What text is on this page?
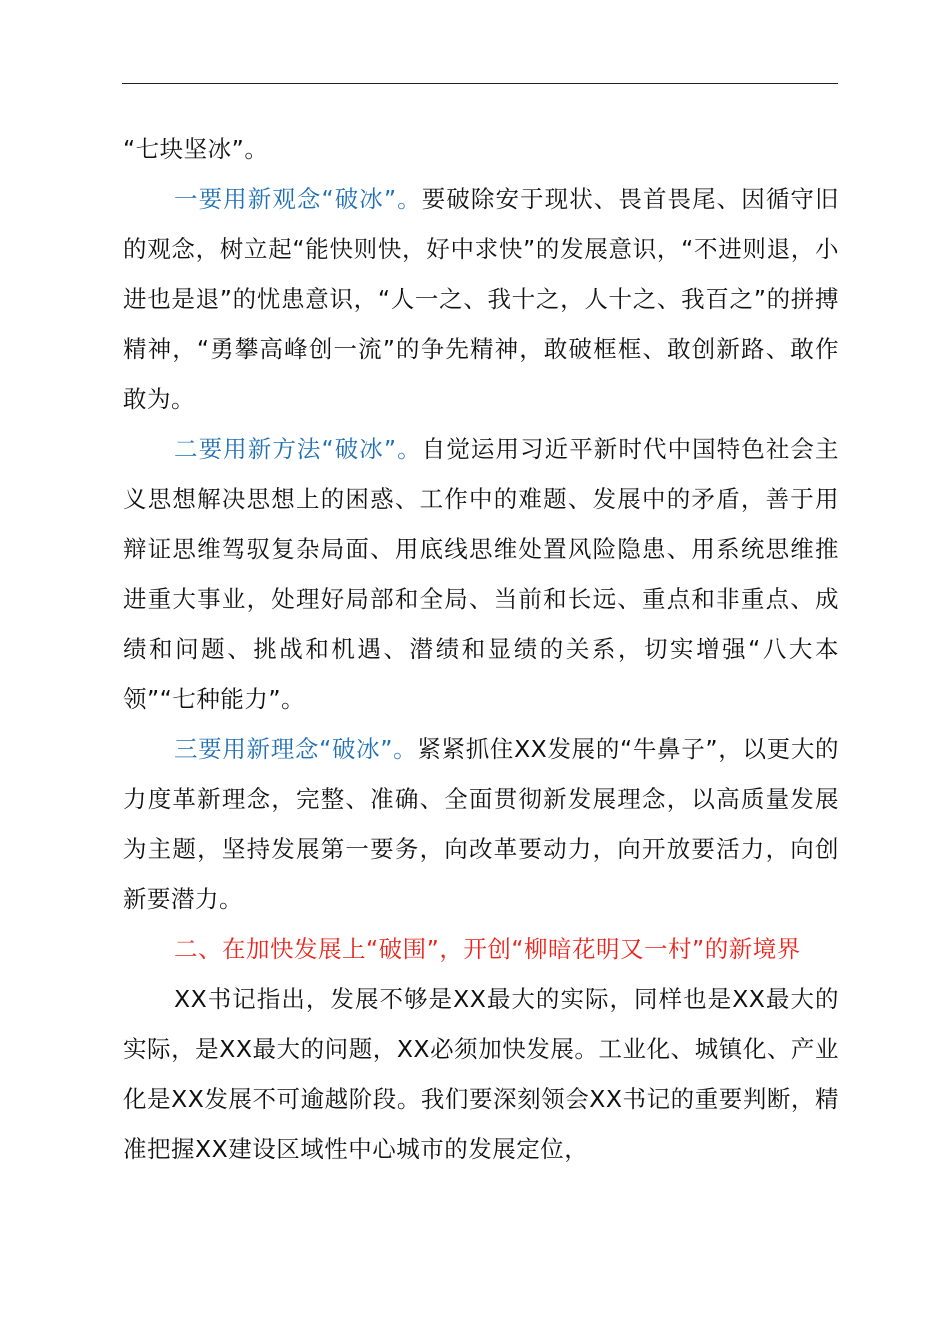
“七块坚冰”。

一要用新观念“破冰”。要破除安于现状、畏首畏尾、因循守旧的观念，树立起“能快则快，好中求快”的发展意识，“不进则退，小进也是退”的忧患意识，“人一之、我十之，人十之、我百之”的拼搏精神，“勇攀高峰创一流”的争先精神，敢破框框、敢创新路、敢作敢为。

二要用新方法“破冰”。自觉运用习近平新时代中国特色社会主义思想解决思想上的困惑、工作中的难题、发展中的矛盾，善于用辩证思维驾驭复杂局面、用底线思维处置风险隐患、用系统思维推进重大事业，处理好局部和全局、当前和长远、重点和非重点、成绩和问题、挑战和机遇、潜绩和显绩的关系，切实增强“八大本领”“七种能力”。

三要用新理念“破冰”。紧紧抓住XX发展的“牛鼻子”，以更大的力度革新理念，完整、准确、全面贯彻新发展理念，以高质量发展为主题，坚持发展第一要务，向改革要动力，向开放要活力，向创新要潜力。

二、在加快发展上“破围”，开创“柳暗花明又一村”的新境界

XX书记指出，发展不够是XX最大的实际，同样也是XX最大的实际，是XX最大的问题，XX必须加快发展。工业化、城镇化、产业化是XX发展不可逾越阶段。我们要深刻领会XX书记的重要判断，精准把握XX建设区域性中心城市的发展定位，
